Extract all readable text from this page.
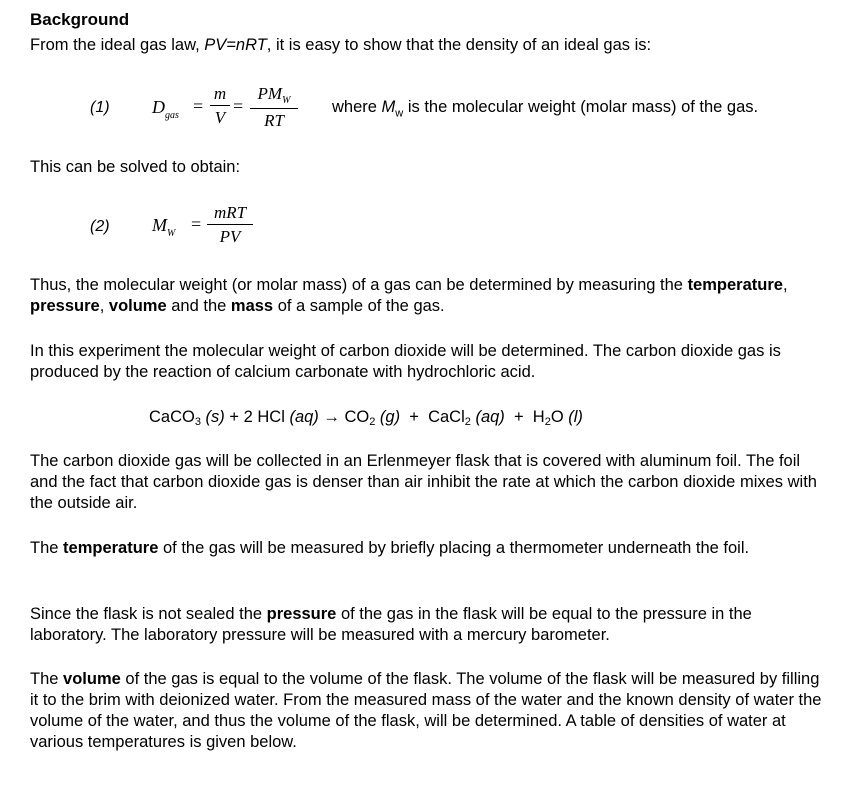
Background
From the ideal gas law, PV=nRT, it is easy to show that the density of an ideal gas is:
(1) $D_{gas}$ =
m
V
=
$PM_W$
RT
where $M_w$ is the molecular weight (molar mass) of the gas.
This can be solved to obtain:
(2) $M_W$ =
mRT
PV
Thus, the molecular weight (or molar mass) of a gas can be determined by measuring the temperature, pressure, volume and the mass of a sample of the gas.
In this experiment the molecular weight of carbon dioxide will be determined. The carbon dioxide gas is produced by the reaction of calcium carbonate with hydrochloric acid.
CaCO$_3$ (s) + 2 HCl $(aq) \to CO_2$ (g)  +  CaCl$_2$ $(aq) + H_2O$ (l)
The carbon dioxide gas will be collected in an Erlenmeyer flask that is covered with aluminum foil. The foil and the fact that carbon dioxide gas is denser than air inhibit the rate at which the carbon dioxide mixes with the outside air.
The temperature of the gas will be measured by briefly placing a thermometer underneath the foil.
Since the flask is not sealed the pressure of the gas in the flask will be equal to the pressure in the laboratory. The laboratory pressure will be measured with a mercury barometer.
The volume of the gas is equal to the volume of the flask. The volume of the flask will be measured by filling it to the brim with deionized water. From the measured mass of the water and the known density of water the volume of the water, and thus the volume of the flask, will be determined. A table of densities of water at various temperatures is given below.
